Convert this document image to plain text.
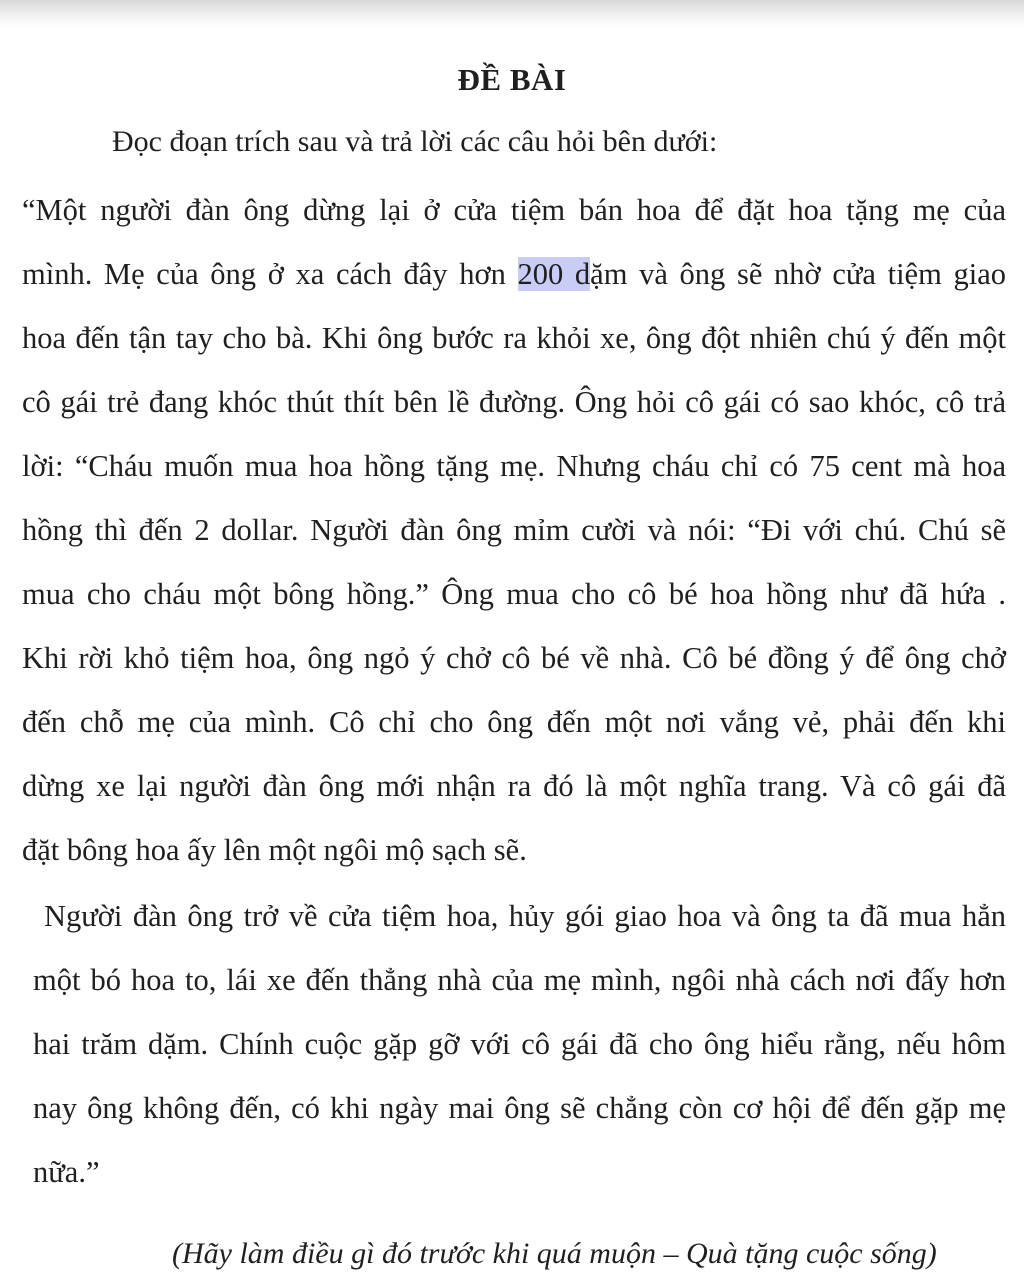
ĐỀ BÀI
Đọc đoạn trích sau và trả lời các câu hỏi bên dưới:
“Một người đàn ông dừng lại ở cửa tiệm bán hoa để đặt hoa tặng mẹ của
mình. Mẹ của ông ở xa cách đây hơn 200 dặm và ông sẽ nhờ cửa tiệm giao
hoa đến tận tay cho bà. Khi ông bước ra khỏi xe, ông đột nhiên chú ý đến một
cô gái trẻ đang khóc thút thít bên lề đường. Ông hỏi cô gái có sao khóc, cô trả
lời: “Cháu muốn mua hoa hồng tặng mẹ. Nhưng cháu chỉ có 75 cent mà hoa
hồng thì đến 2 dollar. Người đàn ông mỉm cười và nói: “Đi với chú. Chú sẽ
mua cho cháu một bông hồng.” Ông mua cho cô bé hoa hồng như đã hứa .
Khi rời khỏ tiệm hoa, ông ngỏ ý chở cô bé về nhà. Cô bé đồng ý để ông chở
đến chỗ mẹ của mình. Cô chỉ cho ông đến một nơi vắng vẻ, phải đến khi
dừng xe lại người đàn ông mới nhận ra đó là một nghĩa trang. Và cô gái đã
đặt bông hoa ấy lên một ngôi mộ sạch sẽ.
Người đàn ông trở về cửa tiệm hoa, hủy gói giao hoa và ông ta đã mua hẳn
một bó hoa to, lái xe đến thẳng nhà của mẹ mình, ngôi nhà cách nơi đấy hơn
hai trăm dặm. Chính cuộc gặp gỡ với cô gái đã cho ông hiểu rằng, nếu hôm
nay ông không đến, có khi ngày mai ông sẽ chẳng còn cơ hội để đến gặp mẹ
nữa.”
(Hãy làm điều gì đó trước khi quá muộn – Quà tặng cuộc sống)
